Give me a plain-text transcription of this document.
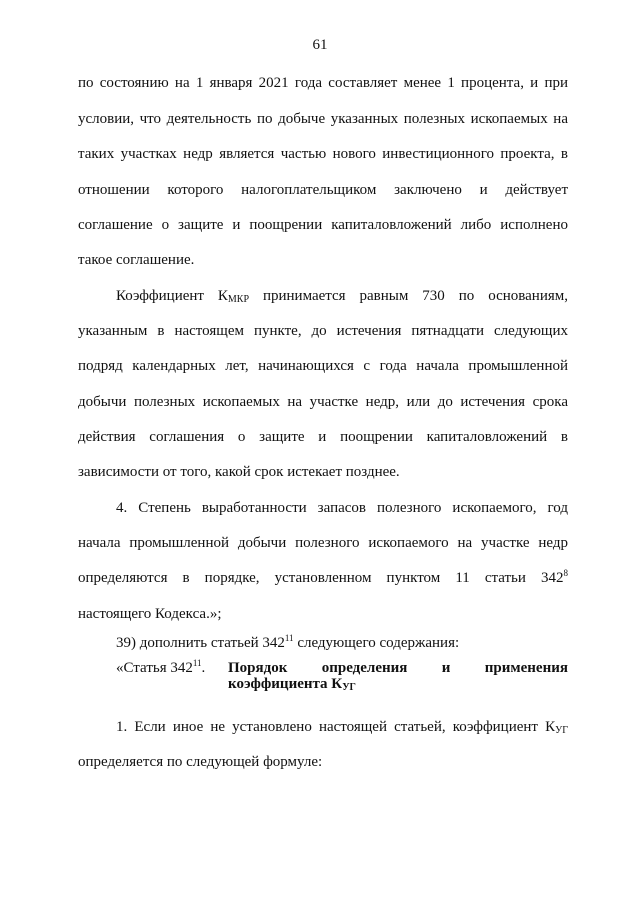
61
по состоянию на 1 января 2021 года составляет менее 1 процента, и при
условии, что деятельность по добыче указанных полезных ископаемых на
таких участках недр является частью нового инвестиционного проекта, в
отношении которого налогоплательщиком заключено и действует
соглашение о защите и поощрении капиталовложений либо исполнено
такое соглашение.
Коэффициент $К_{МКР}$ принимается равным 730 по основаниям,
указанным в настоящем пункте, до истечения пятнадцати следующих
подряд календарных лет, начинающихся с года начала промышленной
добычи полезных ископаемых на участке недр, или до истечения срока
действия соглашения о защите и поощрении капиталовложений в
зависимости от того, какой срок истекает позднее.
4. Степень выработанности запасов полезного ископаемого, год
начала промышленной добычи полезного ископаемого на участке недр
определяются в порядке, установленном пунктом 11 статьи $342^8$
настоящего Кодекса.»;
39) дополнить статьей $342^{11}$ следующего содержания:
«Статья $342^{11}$. Порядок определения и применения
коэффициента $К_{УГ}$
1. Если иное не установлено настоящей статьей, коэффициент $К_{УГ}$
определяется по следующей формуле:
